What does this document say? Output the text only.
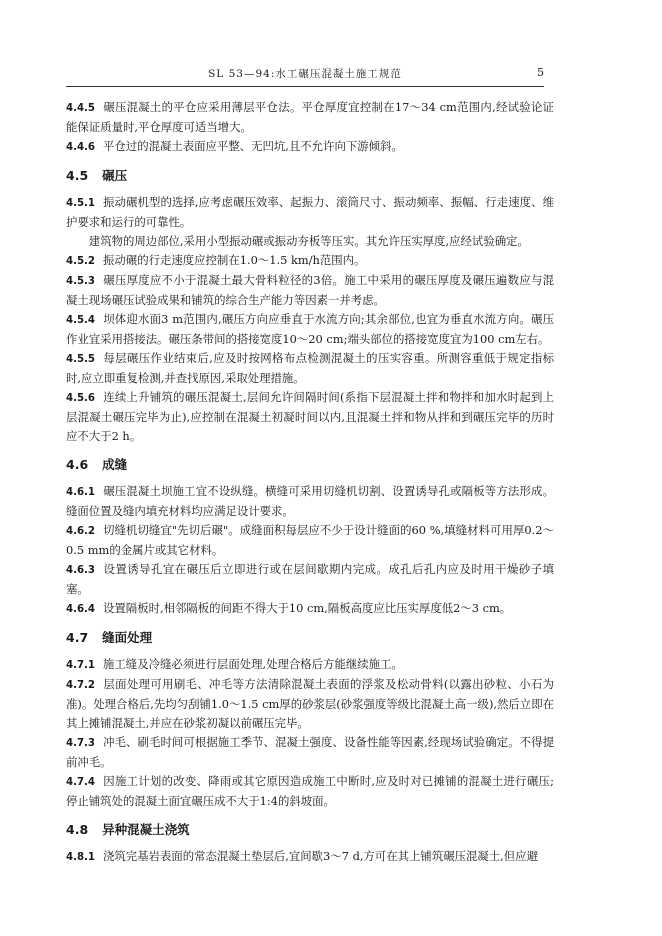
SL 53—94:水工碾压混凝土施工规范	5

4.4.5 碾压混凝土的平仓应采用薄层平仓法。平仓厚度宜控制在17～34 cm范围内,经试验论证能保证质量时,平仓厚度可适当增大。

4.4.6 平仓过的混凝土表面应平整、无凹坑,且不允许向下游倾斜。

4.5 碾压

4.5.1 振动碾机型的选择,应考虑碾压效率、起振力、滚筒尺寸、振动频率、振幅、行走速度、维护要求和运行的可靠性。

建筑物的周边部位,采用小型振动碾或振动夯板等压实。其允许压实厚度,应经试验确定。

4.5.2 振动碾的行走速度应控制在1.0～1.5 km/h范围内。

4.5.3 碾压厚度应不小于混凝土最大骨料粒径的3倍。施工中采用的碾压厚度及碾压遍数应与混凝土现场碾压试验成果和铺筑的综合生产能力等因素一并考虑。

4.5.4 坝体迎水面3 m范围内,碾压方向应垂直于水流方向;其余部位,也宜为垂直水流方向。碾压作业宜采用搭接法。碾压条带间的搭接宽度10～20 cm;端头部位的搭接宽度宜为100 cm左右。

4.5.5 每层碾压作业结束后,应及时按网格布点检测混凝土的压实容重。所测容重低于规定指标时,应立即重复检测,并查找原因,采取处理措施。

4.5.6 连续上升铺筑的碾压混凝土,层间允许间隔时间(系指下层混凝土拌和物拌和加水时起到上层混凝土碾压完毕为止),应控制在混凝土初凝时间以内,且混凝土拌和物从拌和到碾压完毕的历时应不大于2 h。

4.6 成缝

4.6.1 碾压混凝土坝施工宜不设纵缝。横缝可采用切缝机切割、设置诱导孔或隔板等方法形成。缝面位置及缝内填充材料均应满足设计要求。

4.6.2 切缝机切缝宜"先切后碾"。成缝面积每层应不少于设计缝面的60 %,填缝材料可用厚0.2～0.5 mm的金属片或其它材料。

4.6.3 设置诱导孔宜在碾压后立即进行或在层间歇期内完成。成孔后孔内应及时用干燥砂子填塞。

4.6.4 设置隔板时,相邻隔板的间距不得大于10 cm,隔板高度应比压实厚度低2～3 cm。

4.7 缝面处理

4.7.1 施工缝及冷缝必须进行层面处理,处理合格后方能继续施工。

4.7.2 层面处理可用刷毛、冲毛等方法清除混凝土表面的浮浆及松动骨料(以露出砂粒、小石为准)。处理合格后,先均匀刮铺1.0～1.5 cm厚的砂浆层(砂浆强度等级比混凝土高一级),然后立即在其上摊铺混凝土,并应在砂浆初凝以前碾压完毕。

4.7.3 冲毛、刷毛时间可根据施工季节、混凝土强度、设备性能等因素,经现场试验确定。不得提前冲毛。

4.7.4 因施工计划的改变、降雨或其它原因造成施工中断时,应及时对已摊铺的混凝土进行碾压;停止铺筑处的混凝土面宜碾压成不大于1:4的斜坡面。

4.8 异种混凝土浇筑

4.8.1 浇筑完基岩表面的常态混凝土垫层后,宜间歇3～7 d,方可在其上铺筑碾压混凝土,但应避
